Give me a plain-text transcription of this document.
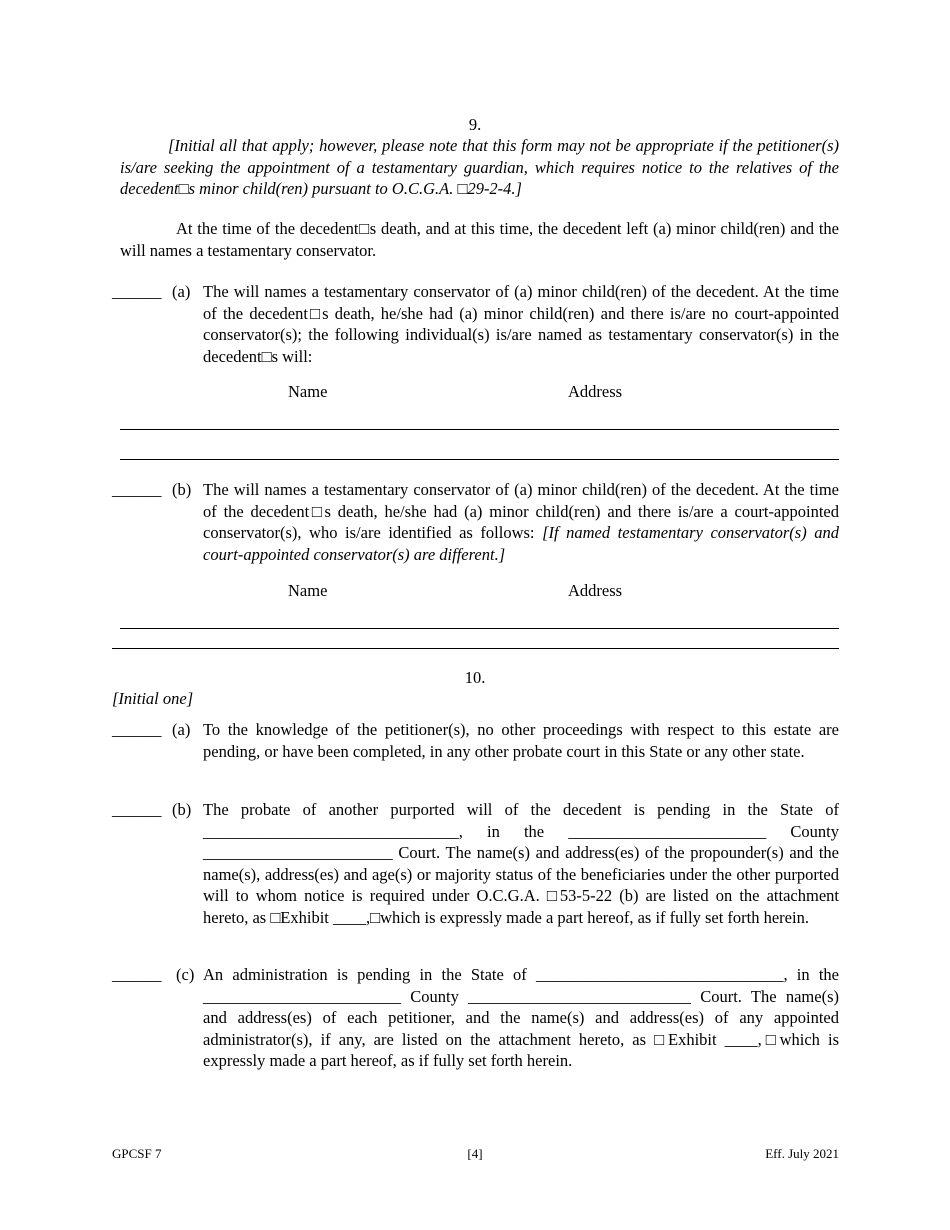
9.
[Initial all that apply; however, please note that this form may not be appropriate if the petitioner(s) is/are seeking the appointment of a testamentary guardian, which requires notice to the relatives of the decedent□s minor child(ren) pursuant to O.C.G.A. □29-2-4.]
At the time of the decedent□s death, and at this time, the decedent left (a) minor child(ren) and the will names a testamentary conservator.
______ (a) The will names a testamentary conservator of (a) minor child(ren) of the decedent. At the time of the decedent□s death, he/she had (a) minor child(ren) and there is/are no court-appointed conservator(s); the following individual(s) is/are named as testamentary conservator(s) in the decedent□s will:
Name	Address
______ (b) The will names a testamentary conservator of (a) minor child(ren) of the decedent. At the time of the decedent□s death, he/she had (a) minor child(ren) and there is/are a court-appointed conservator(s), who is/are identified as follows: [If named testamentary conservator(s) and court-appointed conservator(s) are different.]
Name	Address
10.
[Initial one]
______ (a) To the knowledge of the petitioner(s), no other proceedings with respect to this estate are pending, or have been completed, in any other probate court in this State or any other state.
______ (b) The probate of another purported will of the decedent is pending in the State of _______________________________, in the ________________________ County _______________________ Court. The name(s) and address(es) of the propounder(s) and the name(s), address(es) and age(s) or majority status of the beneficiaries under the other purported will to whom notice is required under O.C.G.A. □53-5-22 (b) are listed on the attachment hereto, as □Exhibit ____,□which is expressly made a part hereof, as if fully set forth herein.
______ (c) An administration is pending in the State of ______________________________, in the ________________________ County ___________________________ Court. The name(s) and address(es) of each petitioner, and the name(s) and address(es) of any appointed administrator(s), if any, are listed on the attachment hereto, as □Exhibit ____,□which is expressly made a part hereof, as if fully set forth herein.
GPCSF 7	[4]	Eff. July 2021
